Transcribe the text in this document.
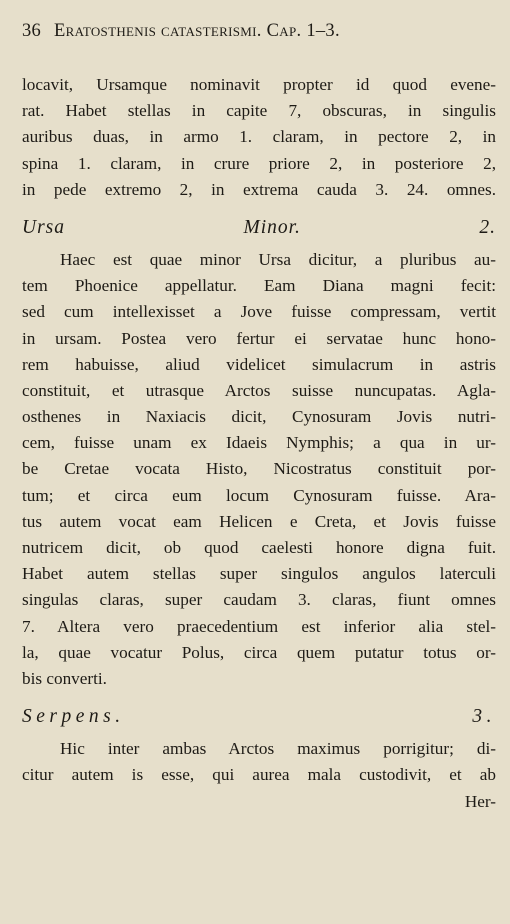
36 Eratosthenis catasterismi. Cap. 1–3.
locavit, Ursamque nominavit propter id quod evene-
rat. Habet stellas in capite 7, obscuras, in singulis
auribus duas, in armo 1. claram, in pectore 2, in
spina 1. claram, in crure priore 2, in posteriore 2,
in pede extremo 2, in extrema cauda 3. 24. omnes.
Ursa Minor. 2.
Haec est quae minor Ursa dicitur, a pluribus au-
tem Phoenice appellatur. Eam Diana magni fecit:
sed cum intellexisset a Jove fuisse compressam, vertit
in ursam. Postea vero fertur ei servatae hunc hono-
rem habuisse, aliud videlicet simulacrum in astris
constituit, et utrasque Arctos suisse nuncupatas. Agla-
osthenes in Naxiacis dicit, Cynosuram Jovis nutri-
cem, fuisse unam ex Idaeis Nymphis; a qua in ur-
be Cretae vocata Histo, Nicostratus constituit por-
tum; et circa eum locum Cynosuram fuisse. Ara-
tus autem vocat eam Helicen e Creta, et Jovis fuisse
nutricem dicit, ob quod caelesti honore digna fuit.
Habet autem stellas super singulos angulos laterculi
singulas claras, super caudam 3. claras, fiunt omnes
7. Altera vero praecedentium est inferior alia stel-
la, quae vocatur Polus, circa quem putatur totus or-
bis converti.
Serpens. 3.
Hic inter ambas Arctos maximus porrigitur; di-
citur autem is esse, qui aurea mala custodivit, et ab
Her-
